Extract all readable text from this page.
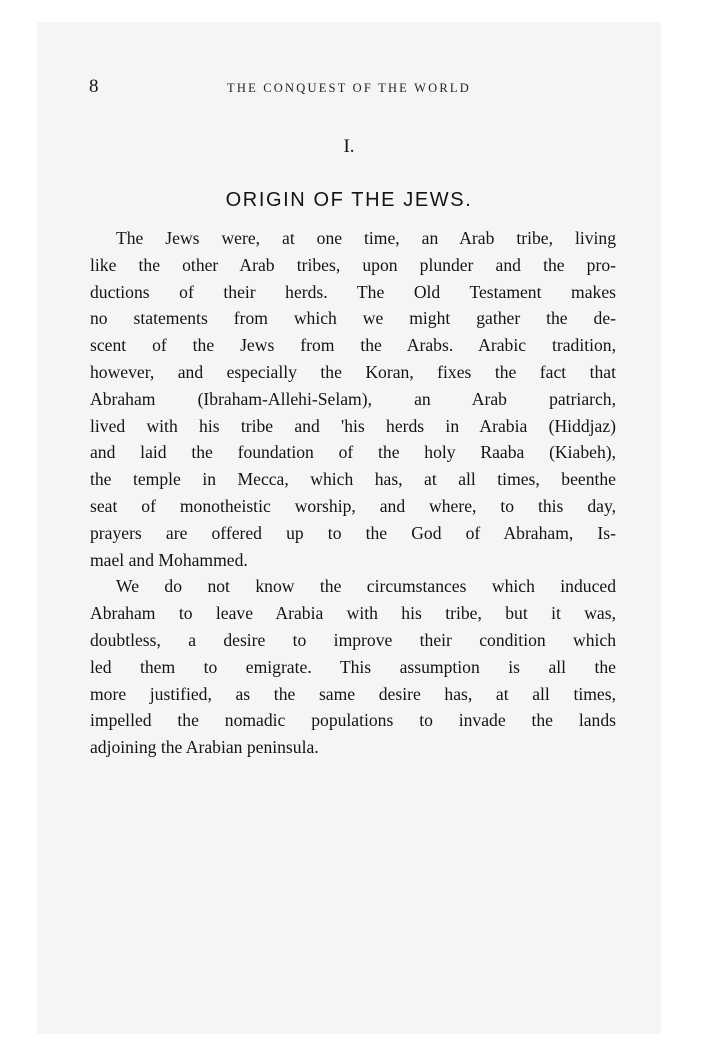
8	THE CONQUEST OF THE WORLD
I.
ORIGIN OF THE JEWS.
The Jews were, at one time, an Arab tribe, living
like the other Arab tribes, upon plunder and the pro-
ductions of their herds. The Old Testament makes
no statements from which we might gather the de-
scent of the Jews from the Arabs. Arabic tradition,
however, and especially the Koran, fixes the fact that
Abraham (Ibraham-Allehi-Selam), an Arab patriarch,
lived with his tribe and 'his herds in Arabia (Hiddjaz)
and laid the foundation of the holy Raaba (Kiabeh),
the temple in Mecca, which has, at all times, beenthe
seat of monotheistic worship, and where, to this day,
prayers are offered up to the God of Abraham, Is-
mael and Mohammed.
We do not know the circumstances which induced
Abraham to leave Arabia with his tribe, but it was,
doubtless, a desire to improve their condition which
led them to emigrate. This assumption is all the
more justified, as the same desire has, at all times,
impelled the nomadic populations to invade the lands
adjoining the Arabian peninsula.
